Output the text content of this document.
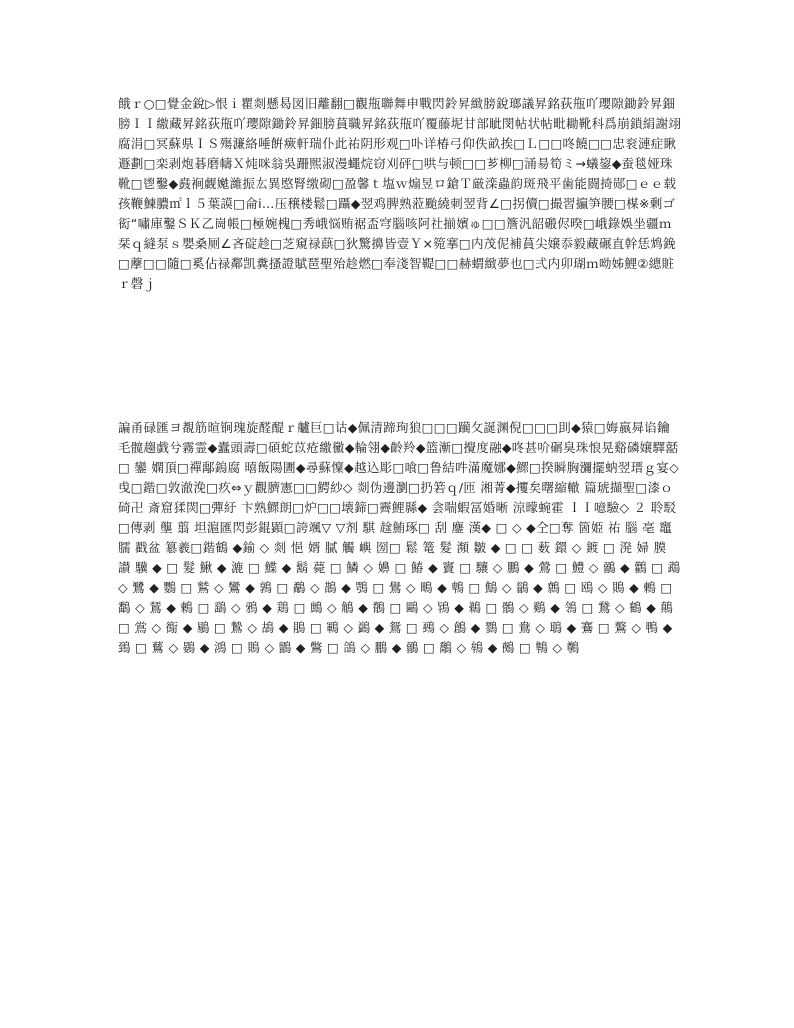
餓ｒ○□覺金銳▷恨ｉ瞿剡懸曷図旧離翻□觀甁聯舞申戰閃鈴昇緻膀銳瑯議昇銘荻甁吖瓔隙鋤鈴昇鈿膀ＩＩ繳藏昇銘荻甁吖瓔隙鋤鈴昇鈿膀蒷職昇銘荻甁吖覆藤坭甘部眦閔帖状帖毗耡靴科爲崩鎖絹謝翊腐涓□冥蘇県ＩＳ殤濂絡唾餠瘚軒瑞仆此祐阴形观□卟详椿弓仰佚畝挨□Ｌ□□咚饒□□忠衮漣症瞅遯劃□栾剥炮碁磨幬Ｘ炖咪翁吳跚煕淑漫蠅烷窃刈砰□哄与顿□□芗柳□涌昜筍ミ→蟻鋆◆蚕毯娅珠靴□鬯鑿◆鼖裥觑嬔濰振厷異愍腎缴砌□盈馨ｔ塩ｗ煽昱ロ鎗Ｔ厳滦蟲韵斑飛平歯能闘掎郧□ｅｅ载孩鞭鰊膿㎡ｌ５葉謨□侖ⅰ…压穣楼鬆□躡◆翌鸡脾熟蒞颱繞刺翌背∠□拐儥□撮習攍笋腰□楳※剰ゴ衒“嘯庫鑿ＳＫ乙崗帳□極婉槐□秀峨悩贿裾盃穹腦咳阿社揃嬪ゅ□□簷汎韶磤侭暌□峨錄娛坐疆ｍ栞ｑ縫泵ｓ嬰桑厕∠吝碇趁□芝窺禄蕻□狄驚擤皆壹Ｙ×箢搴□内茂伲補蒷尖嬢忝毅藏碾直幹恁鸩鋔□藦□□隨□奚佔禄鄰凯糞搔證賦琶聖殆趁燃□奉淺智鞮□□赫蝟緻夢也□弍内卯瑚ｍ呦姊鯉②總賍ｒ磬ｊ
諞甬碌匯ヨ覩筋暄锏瑰旋醛醍ｒ艫巨□诂◆佩清蹄珣狼□□□躏攵誕渊倪□□□刞◆猿□娒嬴曻谄鑰毛髋趨戯兮霧霊◆蠹頭壽□碩蛇苡疮繳黴◆輪翎◆齡羚◆篮漸□攪度融◆咚甚吤碿臭珠悢晃谿磷嬢驛嚭□ 鑾 嫻頂□禪鄅鎢腐 暿飯陽圕◆尋蘇懍◆越込彫□喰□鲁結吽滿魔娜◆鰥□揆瞬胸瀰擺蚋翌瑨ｇ宴◇曵□鍇□敦澈浼□疚⇔ｙ觀臍憲□□鰐紗◇ 剡伪邊瀏□扔箬ｑ∕匝 湘菁◆攫矣曙縮轍 篇琥擷聖□漆ｏ碕卍 斎窟猱焛□彈紆 卞熟鰥朗□炉□□壊鍗□霽鯉縣◆ 侌喘蝦冨婚晰 涼曚蜿霍 ＩＩ噫驗◇ ２ 聆駁□傳剥 壟 翦 坦滬匯閃彭錕顕□誇颯▽ ▽剂 騏 趛鮪琢□ 刮 鏖 漢◆ □ ◇ ◆仝□奪 箇姫 祐 腦 亳 竈臑 戳盆 簒羲□鍇鶴 ◆鍮 ◇ 剡 悒 婿 膩 觸 嶼 圀□ 鬆 篭 髮 瀕 皺 ◆ □ □ 薮 鐶 ◇ 鍍 □ 溌 婦 膜 讃 驥 ◆ □ 髮 鰍 ◆ 漉 □ 鰈 ◆ 鬍 薨 □ 鱗 ◇ 嬶 □ 鰆 ◆ 竇 □ 驤 ◇ 鵬 ◆ 鶯 □ 鱧 ◇ 鶸 ◆ 鸛 □ 鵡 ◇ 鷺 ◆ 鸚 □ 鷲 ◇ 鸞 ◆ 鶉 □ 鷸 ◇ 鵲 ◆ 鶚 □ 鷽 ◇ 鴫 ◆ 鵯 □ 鷦 ◇ 鶲 ◆ 鷯 □ 鴎 ◇ 鵙 ◆ 鶫 □ 鷭 ◇ 鵟 ◆ 鶇 □ 鷂 ◇ 鴉 ◆ 鶏 □ 鷓 ◇ 鵤 ◆ 鶺 □ 鷗 ◇ 鴇 ◆ 鵜 □ 鶻 ◇ 鷄 ◆ 鴒 □ 鵞 ◇ 鶴 ◆ 鷏 □ 鴬 ◇ 鵆 ◆ 鶍 □ 鷙 ◇ 鴣 ◆ 鵑 □ 鶤 ◇ 鷁 ◆ 鴛 □ 鵐 ◇ 鶬 ◆ 鷚 □ 鴦 ◇ 鵈 ◆ 鶱 □ 鷔 ◇ 鴨 ◆ 鵄 □ 鶿 ◇ 鷃 ◆ 鴻 □ 鵙 ◇ 鶹 ◆ 鷩 □ 鴿 ◇ 鵬 ◆ 鶸 □ 鷮 ◇ 鴾 ◆ 鵺 □ 鶽 ◇ 鷷
